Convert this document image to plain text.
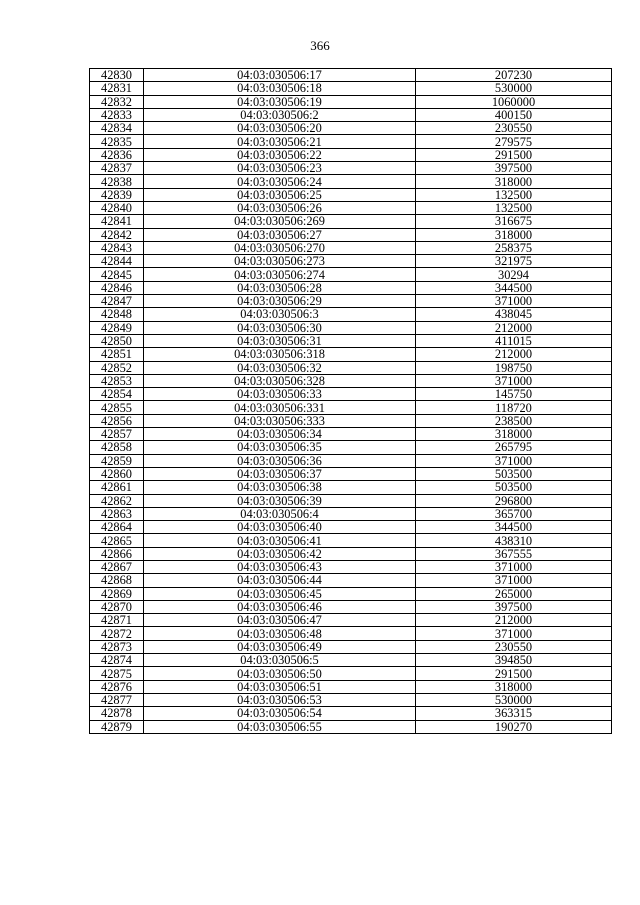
366
42830	04:03:030506:17	207230
42831	04:03:030506:18	530000
42832	04:03:030506:19	1060000
42833	04:03:030506:2	400150
42834	04:03:030506:20	230550
42835	04:03:030506:21	279575
42836	04:03:030506:22	291500
42837	04:03:030506:23	397500
42838	04:03:030506:24	318000
42839	04:03:030506:25	132500
42840	04:03:030506:26	132500
42841	04:03:030506:269	316675
42842	04:03:030506:27	318000
42843	04:03:030506:270	258375
42844	04:03:030506:273	321975
42845	04:03:030506:274	30294
42846	04:03:030506:28	344500
42847	04:03:030506:29	371000
42848	04:03:030506:3	438045
42849	04:03:030506:30	212000
42850	04:03:030506:31	411015
42851	04:03:030506:318	212000
42852	04:03:030506:32	198750
42853	04:03:030506:328	371000
42854	04:03:030506:33	145750
42855	04:03:030506:331	118720
42856	04:03:030506:333	238500
42857	04:03:030506:34	318000
42858	04:03:030506:35	265795
42859	04:03:030506:36	371000
42860	04:03:030506:37	503500
42861	04:03:030506:38	503500
42862	04:03:030506:39	296800
42863	04:03:030506:4	365700
42864	04:03:030506:40	344500
42865	04:03:030506:41	438310
42866	04:03:030506:42	367555
42867	04:03:030506:43	371000
42868	04:03:030506:44	371000
42869	04:03:030506:45	265000
42870	04:03:030506:46	397500
42871	04:03:030506:47	212000
42872	04:03:030506:48	371000
42873	04:03:030506:49	230550
42874	04:03:030506:5	394850
42875	04:03:030506:50	291500
42876	04:03:030506:51	318000
42877	04:03:030506:53	530000
42878	04:03:030506:54	363315
42879	04:03:030506:55	190270
